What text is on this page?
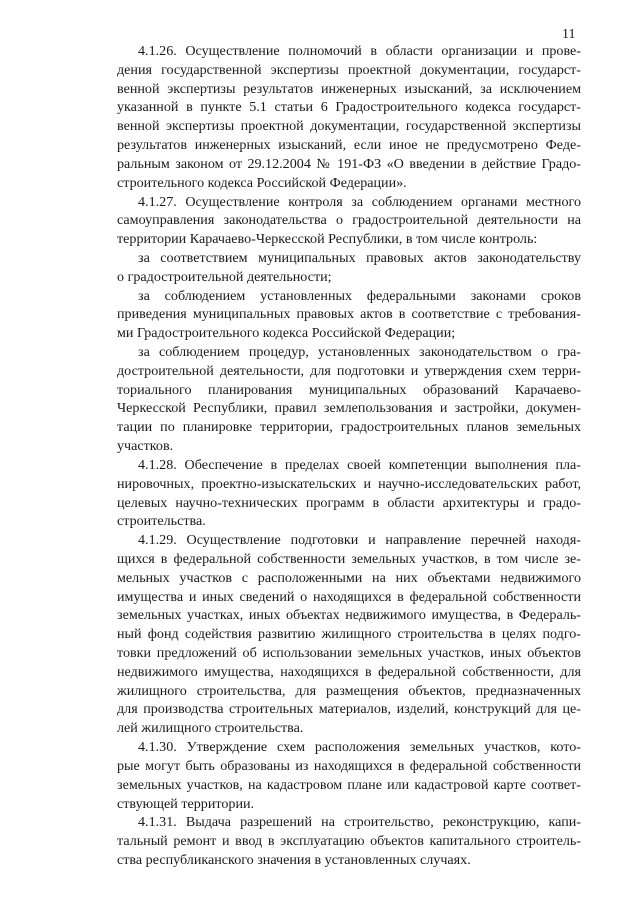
11
4.1.26. Осуществление полномочий в области организации и прове-
дения государственной экспертизы проектной документации, государст-
венной экспертизы результатов инженерных изысканий, за исключением
указанной в пункте 5.1 статьи 6 Градостроительного кодекса государст-
венной экспертизы проектной документации, государственной экспертизы
результатов инженерных изысканий, если иное не предусмотрено Феде-
ральным законом от 29.12.2004 № 191-ФЗ «О введении в действие Градо-
строительного кодекса Российской Федерации».
4.1.27. Осуществление контроля за соблюдением органами местного
самоуправления законодательства о градостроительной деятельности на
территории Карачаево-Черкесской Республики, в том числе контроль:
за соответствием муниципальных правовых актов законодательству
о градостроительной деятельности;
за соблюдением установленных федеральными законами сроков
приведения муниципальных правовых актов в соответствие с требования-
ми Градостроительного кодекса Российской Федерации;
за соблюдением процедур, установленных законодательством о гра-
достроительной деятельности, для подготовки и утверждения схем терри-
ториального планирования муниципальных образований Карачаево-
Черкесской Республики, правил землепользования и застройки, докумен-
тации по планировке территории, градостроительных планов земельных
участков.
4.1.28. Обеспечение в пределах своей компетенции выполнения пла-
нировочных, проектно-изыскательских и научно-исследовательских работ,
целевых научно-технических программ в области архитектуры и градо-
строительства.
4.1.29. Осуществление подготовки и направление перечней находя-
щихся в федеральной собственности земельных участков, в том числе зе-
мельных участков с расположенными на них объектами недвижимого
имущества и иных сведений о находящихся в федеральной собственности
земельных участках, иных объектах недвижимого имущества, в Федераль-
ный фонд содействия развитию жилищного строительства в целях подго-
товки предложений об использовании земельных участков, иных объектов
недвижимого имущества, находящихся в федеральной собственности, для
жилищного строительства, для размещения объектов, предназначенных
для производства строительных материалов, изделий, конструкций для це-
лей жилищного строительства.
4.1.30. Утверждение схем расположения земельных участков, кото-
рые могут быть образованы из находящихся в федеральной собственности
земельных участков, на кадастровом плане или кадастровой карте соответ-
ствующей территории.
4.1.31. Выдача разрешений на строительство, реконструкцию, капи-
тальный ремонт и ввод в эксплуатацию объектов капитального строитель-
ства республиканского значения в установленных случаях.
